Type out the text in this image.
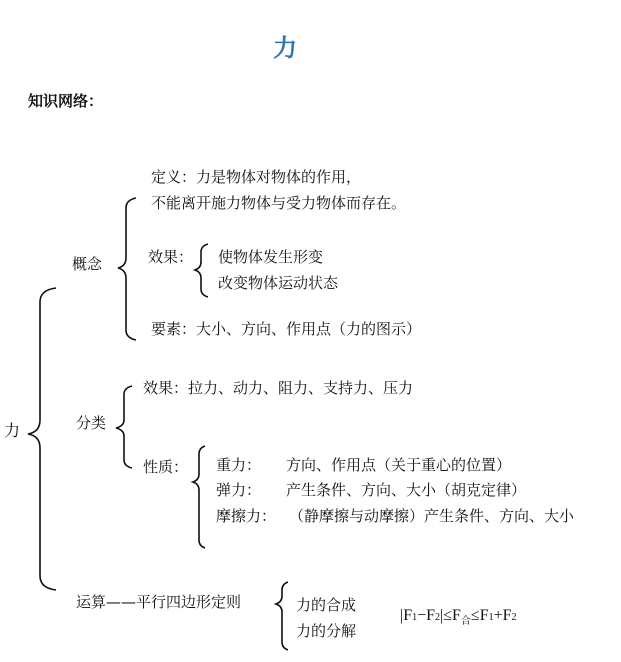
力
知识网络：
力
概念
定义：力是物体对物体的作用，
不能离开施力物体与受力物体而存在。
效果： 使物体发生形变
改变物体运动状态
要素：大小、方向、作用点（力的图示）
分类
效果：拉力、动力、阻力、支持力、压力
性质： 重力： 方向、作用点（关于重心的位置）
弹力： 产生条件、方向、大小（胡克定律）
摩擦力： （静摩擦与动摩擦）产生条件、方向、大小
运算——平行四边形定则	力的合成
力的分解
$|F1-F2|\le F_合\le F1+F2$
